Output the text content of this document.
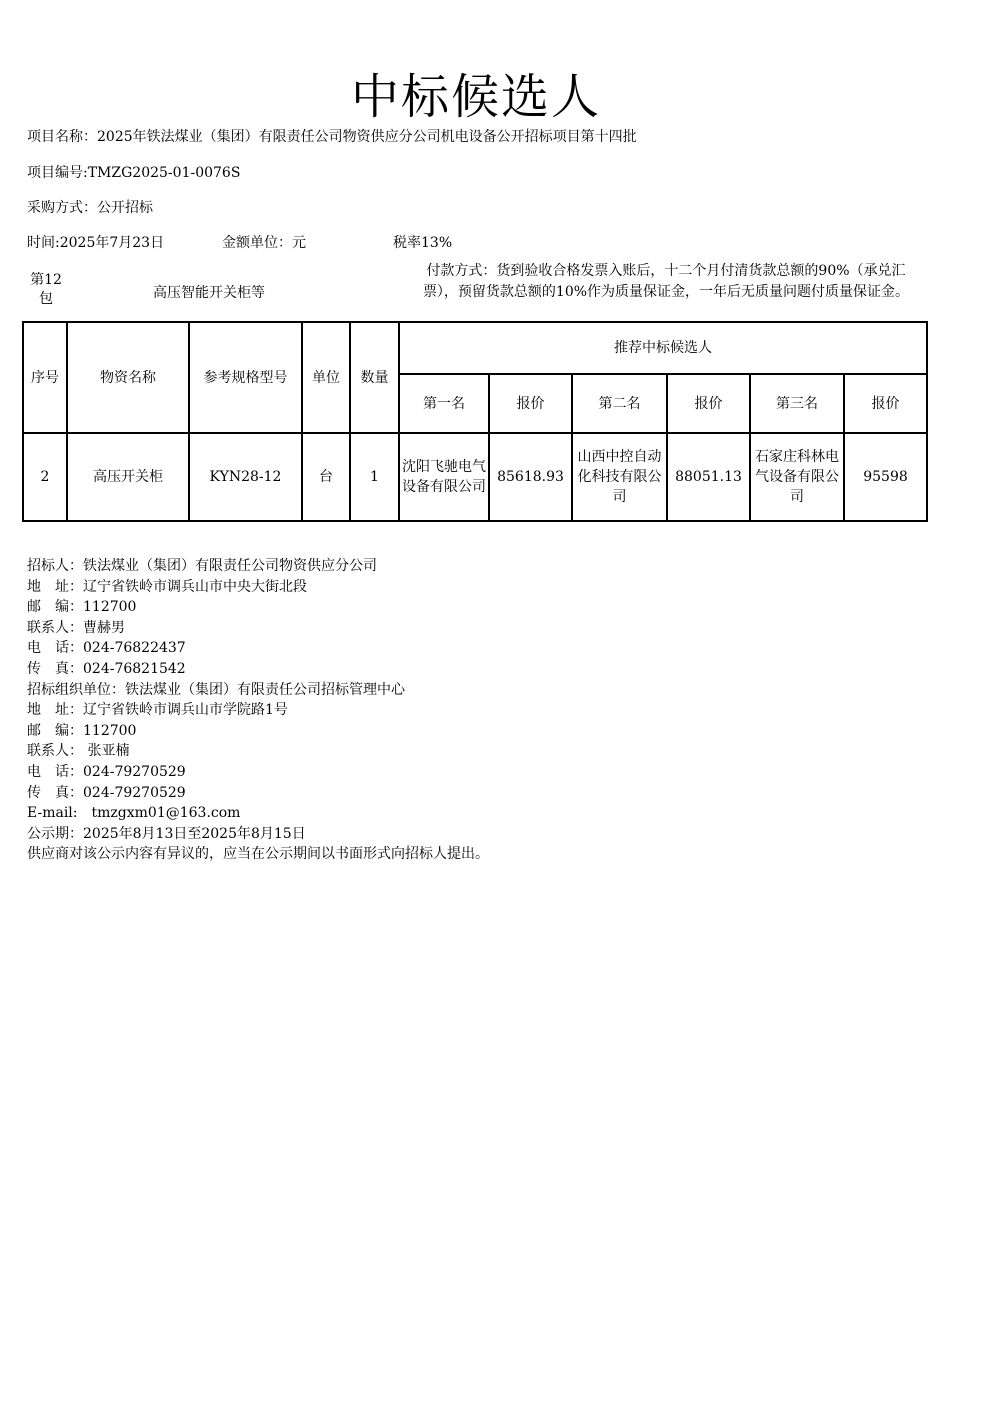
中标候选人
项目名称：2025年铁法煤业（集团）有限责任公司物资供应分公司机电设备公开招标项目第十四批
项目编号:TMZG2025-01-0076S
采购方式：公开招标
时间:2025年7月23日	金额单位：元	税率13%
第12
包	高压智能开关柜等
付款方式：货到验收合格发票入账后，十二个月付清货款总额的90%（承兑汇票），预留货款总额的10%作为质量保证金，一年后无质量问题付质量保证金。
序号	物资名称	参考规格型号	单位	数量	推荐中标候选人					
					第一名	报价	第二名	报价	第三名	报价
2	高压开关柜	KYN28-12	台	1	沈阳飞驰电气设备有限公司	85618.93	山西中控自动化科技有限公司	88051.13	石家庄科林电气设备有限公司	95598
招标人：铁法煤业（集团）有限责任公司物资供应分公司
地　址：辽宁省铁岭市调兵山市中央大街北段
邮　编：112700
联系人：曹赫男
电　话：024-76822437
传　真：024-76821542
招标组织单位：铁法煤业（集团）有限责任公司招标管理中心
地　址：辽宁省铁岭市调兵山市学院路1号
邮　编：112700
联系人： 张亚楠
电　话：024-79270529
传　真：024-79270529
E-mail:　tmzgxm01@163.com
公示期：2025年8月13日至2025年8月15日
供应商对该公示内容有异议的，应当在公示期间以书面形式向招标人提出。
